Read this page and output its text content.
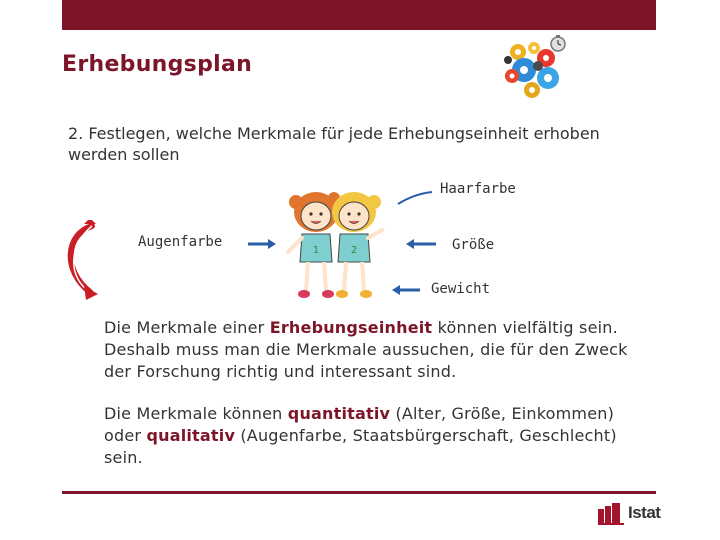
Erhebungsplan
2. Festlegen, welche Merkmale für jede Erhebungseinheit erhoben werden sollen
Haarfarbe
Augenfarbe	Größe
Gewicht
1	2
Die Merkmale einer Erhebungseinheit können vielfältig sein. Deshalb muss man die Merkmale aussuchen, die für den Zweck der Forschung richtig und interessant sind.
Die Merkmale können quantitativ (Alter, Größe, Einkommen) oder qualitativ (Augenfarbe, Staatsbürgerschaft, Geschlecht) sein.
Istat
